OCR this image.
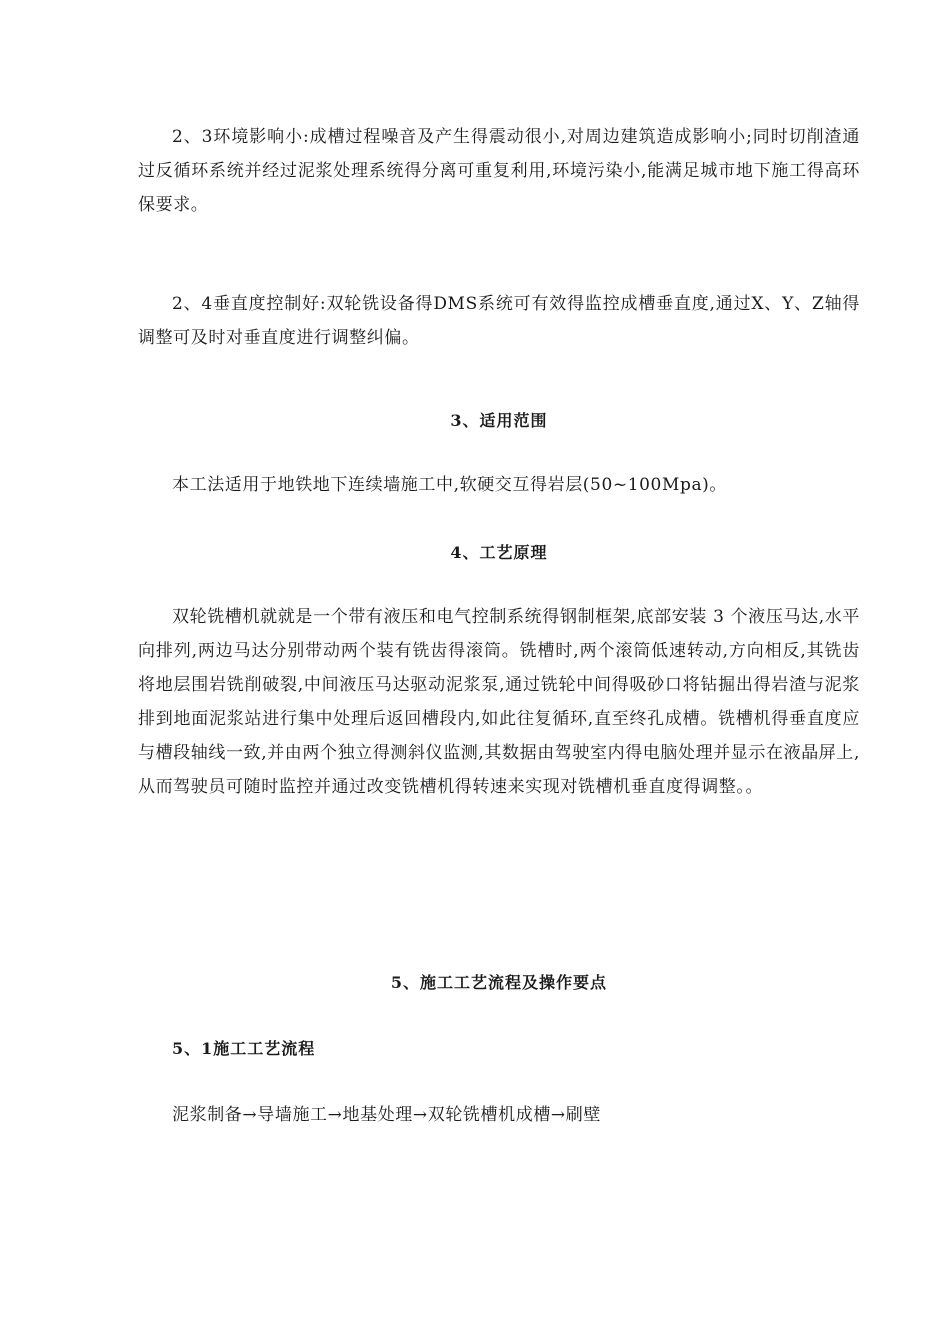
2、3环境影响小:成槽过程噪音及产生得震动很小,对周边建筑造成影响小;同时切削渣通过反循环系统并经过泥浆处理系统得分离可重复利用,环境污染小,能满足城市地下施工得高环保要求。

2、4垂直度控制好:双轮铣设备得DMS系统可有效得监控成槽垂直度,通过X、Y、Z轴得调整可及时对垂直度进行调整纠偏。

3、适用范围

本工法适用于地铁地下连续墙施工中,软硬交互得岩层(50~100Mpa)。

4、工艺原理

双轮铣槽机就就是一个带有液压和电气控制系统得钢制框架,底部安装 3 个液压马达,水平向排列,两边马达分别带动两个装有铣齿得滚筒。铣槽时,两个滚筒低速转动,方向相反,其铣齿将地层围岩铣削破裂,中间液压马达驱动泥浆泵,通过铣轮中间得吸砂口将钻掘出得岩渣与泥浆排到地面泥浆站进行集中处理后返回槽段内,如此往复循环,直至终孔成槽。铣槽机得垂直度应与槽段轴线一致,并由两个独立得测斜仪监测,其数据由驾驶室内得电脑处理并显示在液晶屏上,从而驾驶员可随时监控并通过改变铣槽机得转速来实现对铣槽机垂直度得调整。。

5、施工工艺流程及操作要点

5、1施工工艺流程

泥浆制备→导墙施工→地基处理→双轮铣槽机成槽→刷壁
